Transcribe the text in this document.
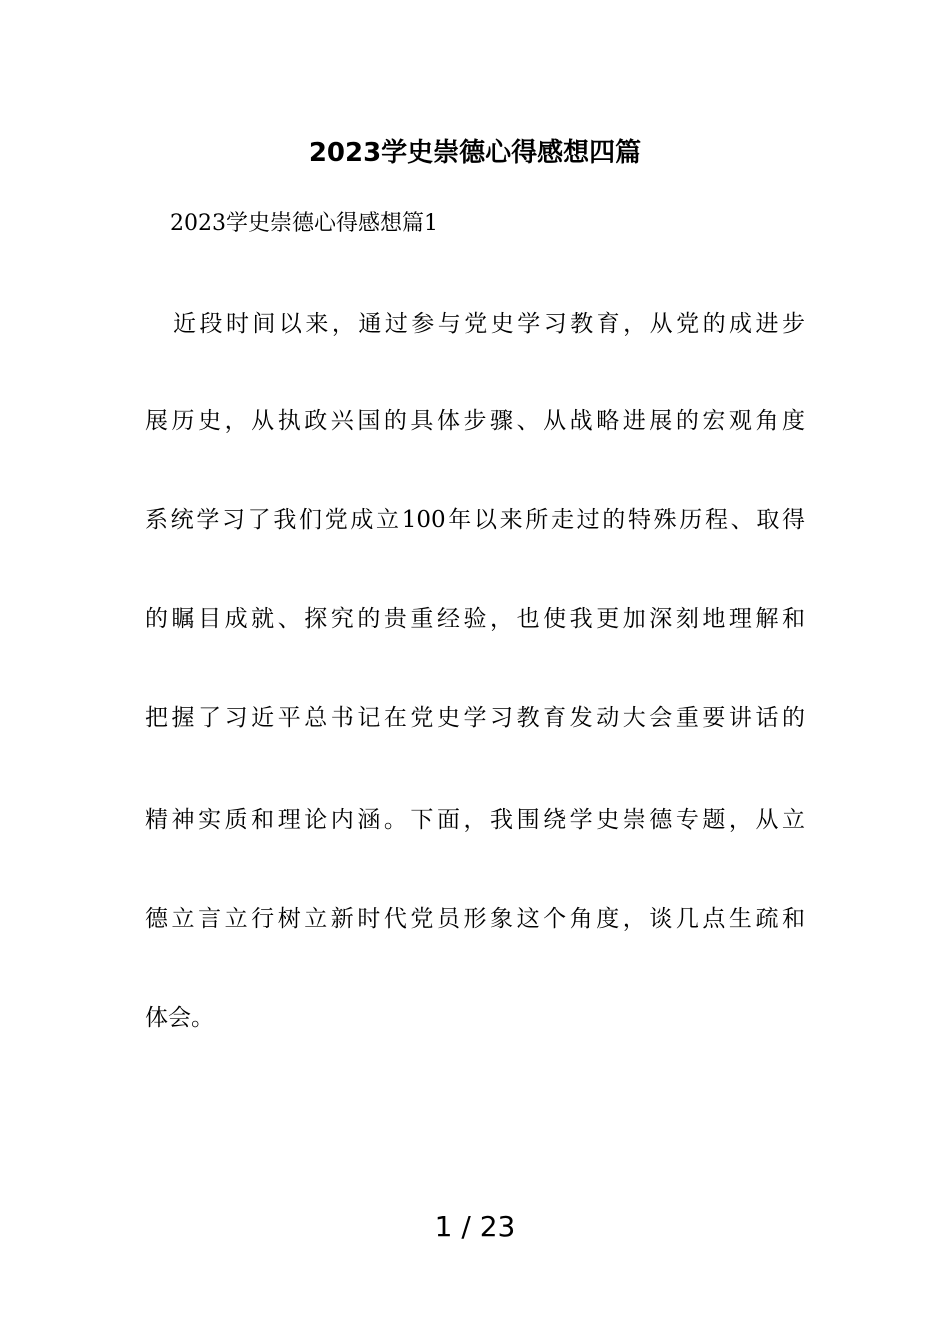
2023学史崇德心得感想四篇
2023学史崇德心得感想篇1
近段时间以来，通过参与党史学习教育，从党的成进步
展历史，从执政兴国的具体步骤、从战略进展的宏观角度
系统学习了我们党成立100年以来所走过的特殊历程、取得
的瞩目成就、探究的贵重经验，也使我更加深刻地理解和
把握了习近平总书记在党史学习教育发动大会重要讲话的
精神实质和理论内涵。下面，我围绕学史崇德专题，从立
德立言立行树立新时代党员形象这个角度，谈几点生疏和
体会。
1 / 23
